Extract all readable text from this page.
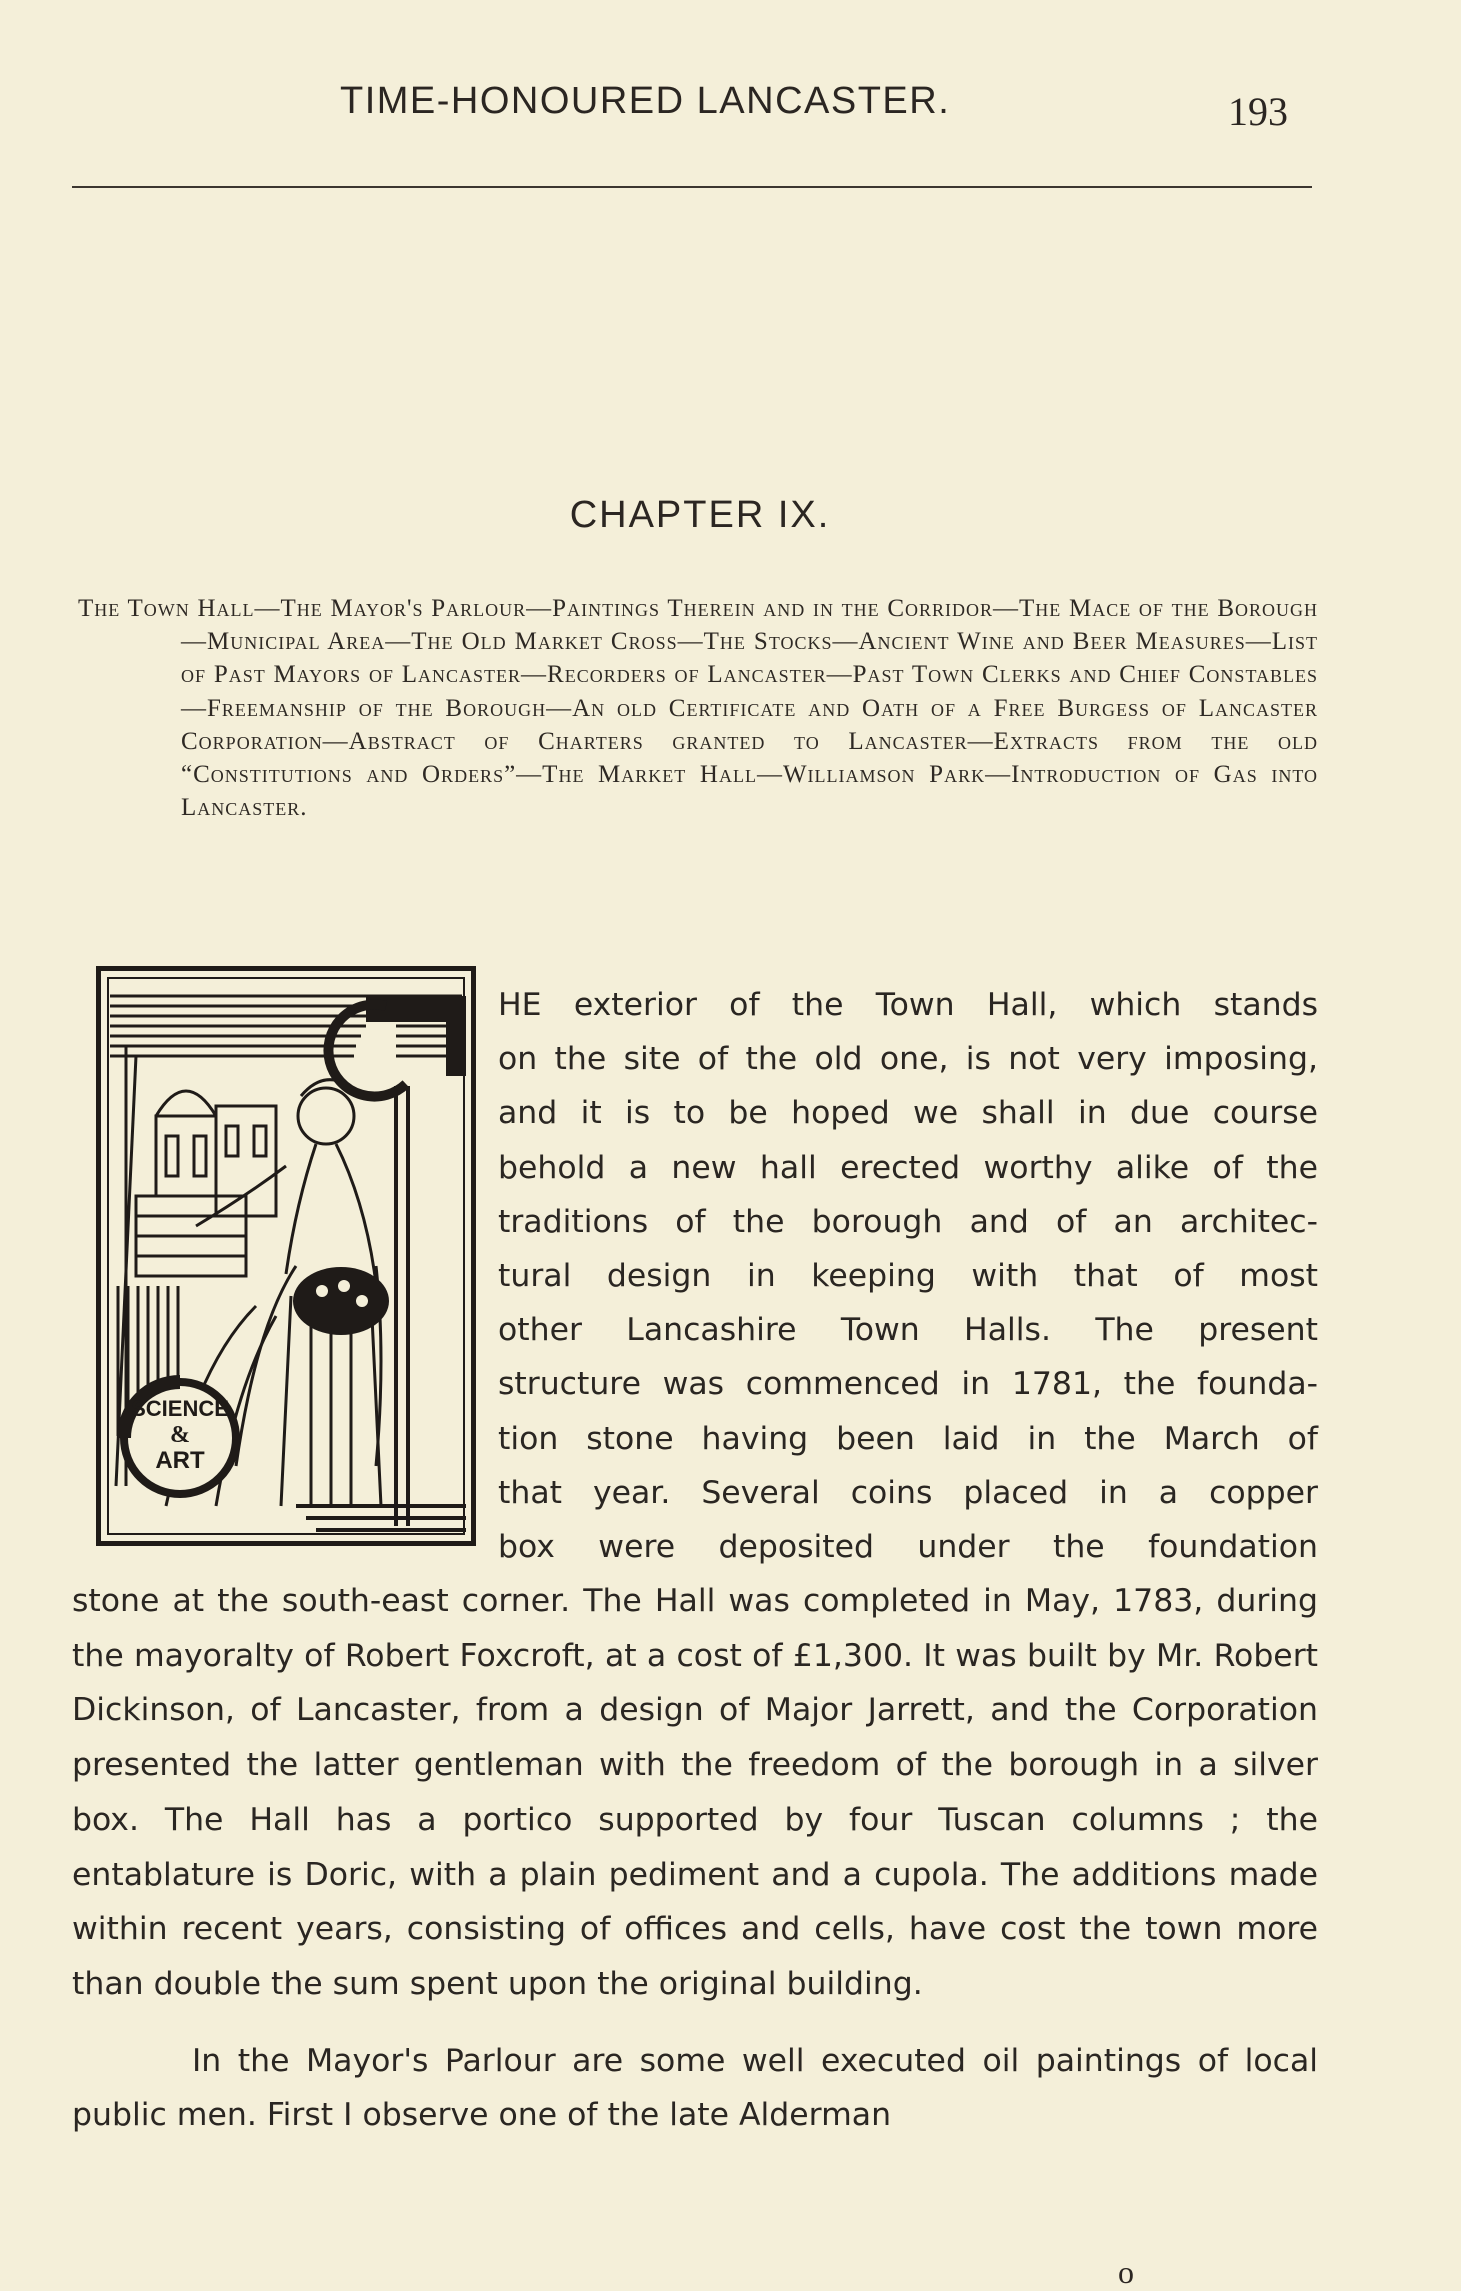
TIME-HONOURED LANCASTER.	193
CHAPTER IX.
The Town Hall—The Mayor's Parlour—Paintings Therein and in the Corridor—The Mace of the Borough—Municipal Area—The Old Market Cross—The Stocks—Ancient Wine and Beer Measures—List of Past Mayors of Lancaster—Recorders of Lancaster—Past Town Clerks and Chief Constables—Freemanship of the Borough—An old Certificate and Oath of a Free Burgess of Lancaster Corporation—Abstract of Charters granted to Lancaster—Extracts from the old “Constitutions and Orders”—The Market Hall—Williamson Park—Introduction of Gas into Lancaster.
SCIENCE
&
ART

HE exterior of the Town Hall, which stands

on the site of the old one, is not very imposing,

and it is to be hoped we shall in due course

behold a new hall erected worthy alike of the

traditions of the borough and of an architec-

tural design in keeping with that of most

other Lancashire Town Halls. The present

structure was commenced in 1781, the founda-

tion stone having been laid in the March of

that year. Several coins placed in a copper

box were deposited under the foundation

stone at the south-east corner. The Hall was completed in May, 1783, during the mayoralty of Robert Foxcroft, at a cost of £1,300. It was built by Mr. Robert Dickinson, of Lancaster, from a design of Major Jarrett, and the Corporation presented the latter gentleman with the freedom of the borough in a silver box. The Hall has a portico supported by four Tuscan columns ; the entablature is Doric, with a plain pediment and a cupola. The additions made within recent years, consisting of offices and cells, have cost the town more than double the sum spent upon the original building.

In the Mayor's Parlour are some well executed oil paintings of local public men. First I observe one of the late Alderman

o
